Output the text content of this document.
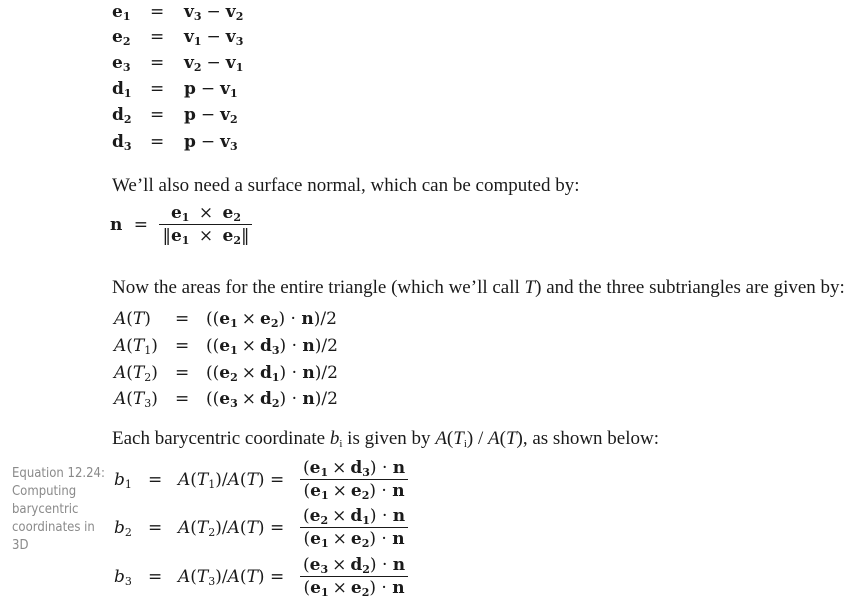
e1 = v3 − v2
e2 = v1 − v3
e3 = v2 − v1
d1 = p − v1
d2 = p − v2
d3 = p − v3
We’ll also need a surface normal, which can be computed by:
$n = \frac{e1 \times e2}{‖e1 \times e2‖}$
Now the areas for the entire triangle (which we’ll call T) and the three subtriangles are given by:
A(T) = ((e1 × e2) · n)/2
$A(T_1) = ((e1 \times d3) \cdot n)/2$
$A(T_2) = ((e2 \times d1) \cdot n)/2$
$A(T_3) = ((e3 \times d2) \cdot n)/2$
Each barycentric coordinate $b_i$ is given by $A(T_i) / A(T)$, as shown below:
Equation 12.24: Computing barycentric coordinates in 3D
$b_1 = A(T_1)/A(T) = \frac{(e1 \times d3) \cdot n}{(e1 \times e2) \cdot n}$
$b_2 = A(T_2)/A(T) = \frac{(e2 \times d1) \cdot n}{(e1 \times e2) \cdot n}$
$b_3 = A(T_3)/A(T) = \frac{(e3 \times d2) \cdot n}{(e1 \times e2) \cdot n}$
